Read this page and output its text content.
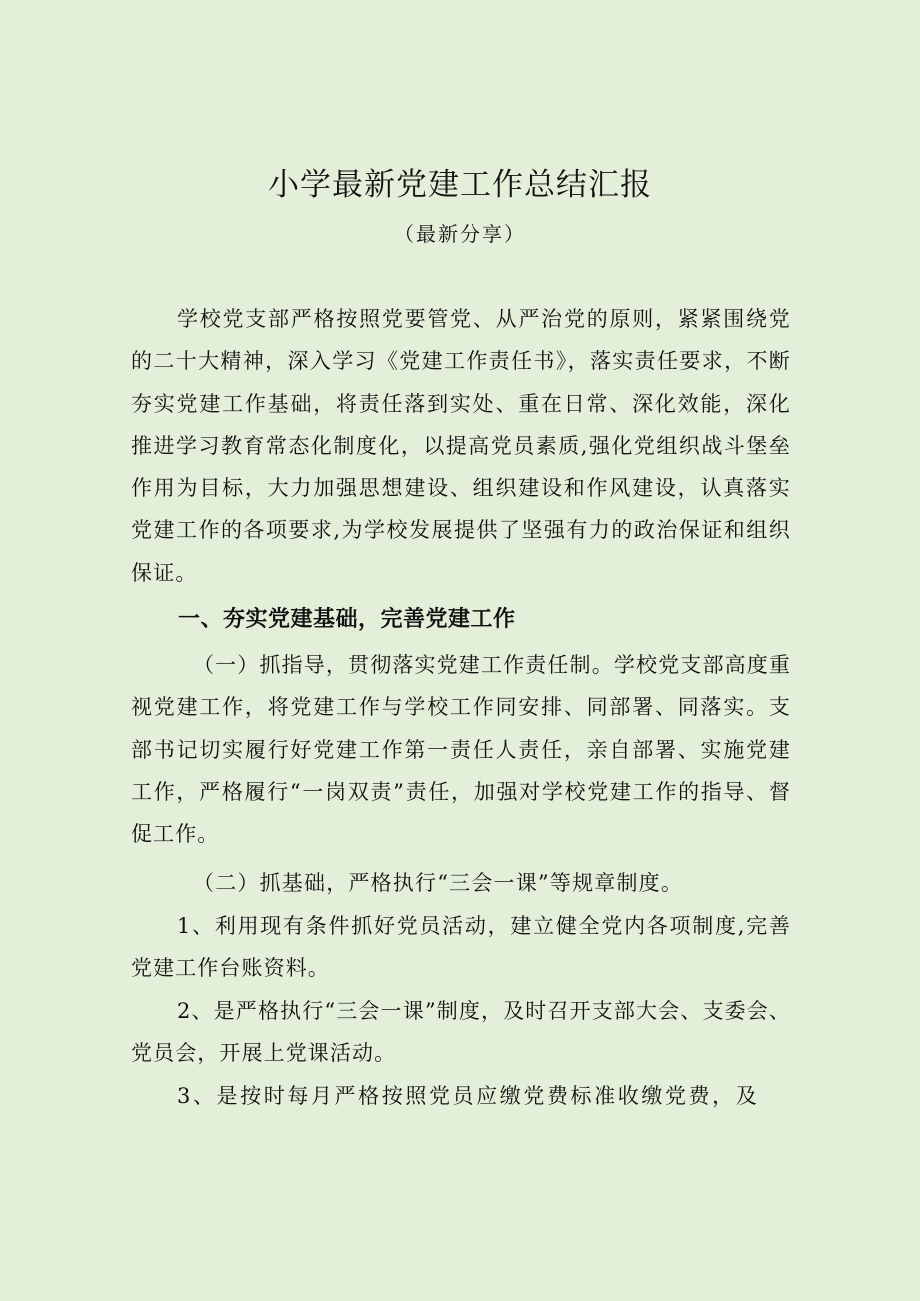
小学最新党建工作总结汇报

（最新分享）

学校党支部严格按照党要管党、从严治党的原则，紧紧围绕党的二十大精神，深入学习《党建工作责任书》，落实责任要求，不断夯实党建工作基础，将责任落到实处、重在日常、深化效能，深化推进学习教育常态化制度化，以提高党员素质,强化党组织战斗堡垒作用为目标，大力加强思想建设、组织建设和作风建设，认真落实党建工作的各项要求,为学校发展提供了坚强有力的政治保证和组织保证。

一、夯实党建基础，完善党建工作

（一）抓指导，贯彻落实党建工作责任制。学校党支部高度重视党建工作，将党建工作与学校工作同安排、同部署、同落实。支部书记切实履行好党建工作第一责任人责任，亲自部署、实施党建工作，严格履行“一岗双责”责任，加强对学校党建工作的指导、督促工作。

（二）抓基础，严格执行“三会一课”等规章制度。

1、利用现有条件抓好党员活动，建立健全党内各项制度,完善党建工作台账资料。

2、是严格执行“三会一课”制度，及时召开支部大会、支委会、党员会，开展上党课活动。

3、是按时每月严格按照党员应缴党费标准收缴党费，及
